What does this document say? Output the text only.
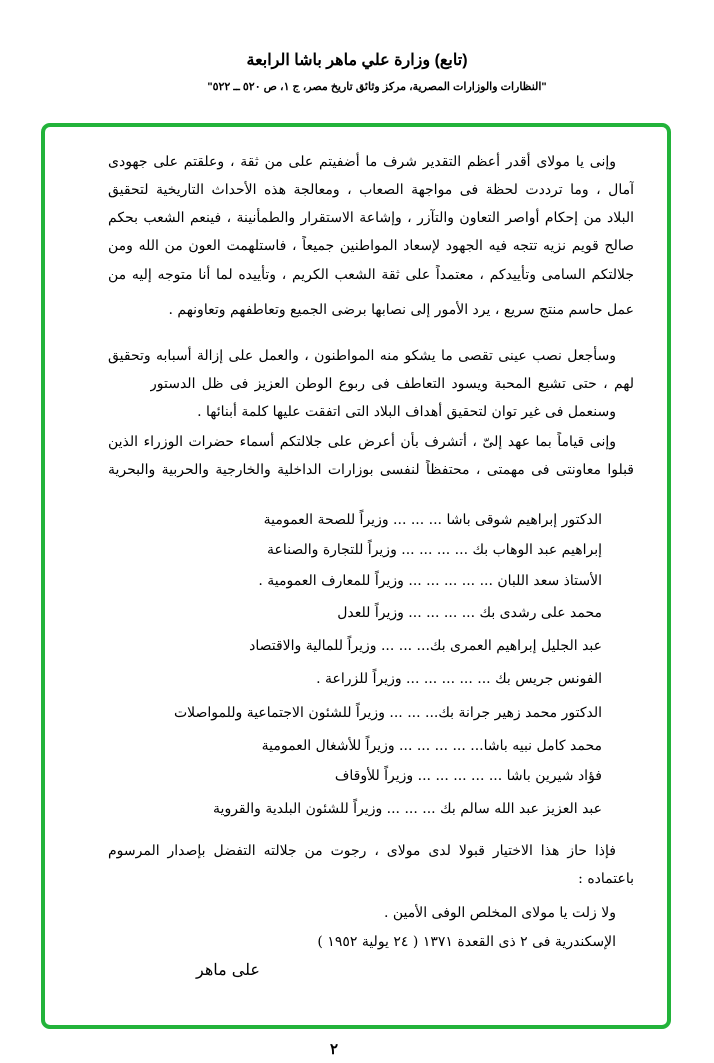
(تابع) وزارة علي ماهر باشا الرابعة
"النظارات والوزارات المصرية، مركز وثائق تاريخ مصر، ج ١، ص ٥٢٠ ــ ٥٢٢"
وإنى يا مولاى أقدر أعظم التقدير شرف ما أضفيتم على من ثقة ، وعلقتم على جهودى
آمال ، وما ترددت لحظة فى مواجهة الصعاب ، ومعالجة هذه الأحداث التاريخية لتحقيق
البلاد من إحكام أواصر التعاون والتآزر ، وإشاعة الاستقرار والطمأنينة ، فينعم الشعب بحكم
صالح قويم نزيه تتجه فيه الجهود لإسعاد المواطنين جميعاً ، فاستلهمت العون من الله ومن
جلالتكم السامى وتأييدكم ، معتمداً على ثقة الشعب الكريم ، وتأييده لما أنا متوجه إليه من
عمل حاسم منتج سريع ، يرد الأمور إلى نصابها برضى الجميع وتعاطفهم وتعاونهم .
وسأجعل نصب عينى تقصى ما يشكو منه المواطنون ، والعمل على إزالة أسبابه وتحقيق
لهم ، حتى تشيع المحبة ويسود التعاطف فى ربوع الوطن العزيز فى ظل الدستور
وسنعمل فى غير توان لتحقيق أهداف البلاد التى اتفقت عليها كلمة أبنائها .
وإنى قياماً بما عهد إلىّ ، أتشرف بأن أعرض على جلالتكم أسماء حضرات الوزراء الذين
قبلوا معاونتى فى مهمتى ، محتفظاً لنفسى بوزارات الداخلية والخارجية والحربية والبحرية
الدكتور إبراهيم شوقى باشا ... ... ... وزيراً للصحة العمومية
إبراهيم عبد الوهاب بك ... ... ... ... وزيراً للتجارة والصناعة
الأستاذ سعد اللبان ... ... ... ... ... وزيراً للمعارف العمومية .
محمد على رشدى بك ... ... ... ... وزيراً للعدل
عبد الجليل إبراهيم العمرى بك... ... ... وزيراً للمالية والاقتصاد
الفونس جريس بك ... ... ... ... ... وزيراً للزراعة .
الدكتور محمد زهير جرانة بك... ... ... وزيراً للشئون الاجتماعية وللمواصلات
محمد كامل نبيه باشا... ... ... ... ... وزيراً للأشغال العمومية
فؤاد شيرين باشا ... ... ... ... ... وزيراً للأوقاف
عبد العزيز عبد الله سالم بك ... ... ... وزيراً للشئون البلدية والقروية
فإذا حاز هذا الاختيار قبولا لدى مولاى ، رجوت من جلالته التفضل بإصدار المرسوم
باعتماده :
ولا زلت يا مولاى المخلص الوفى الأمين .
الإسكندرية فى ٢ ذى القعدة ١٣٧١ ( ٢٤ يولية ١٩٥٢ )
على ماهر
٢
